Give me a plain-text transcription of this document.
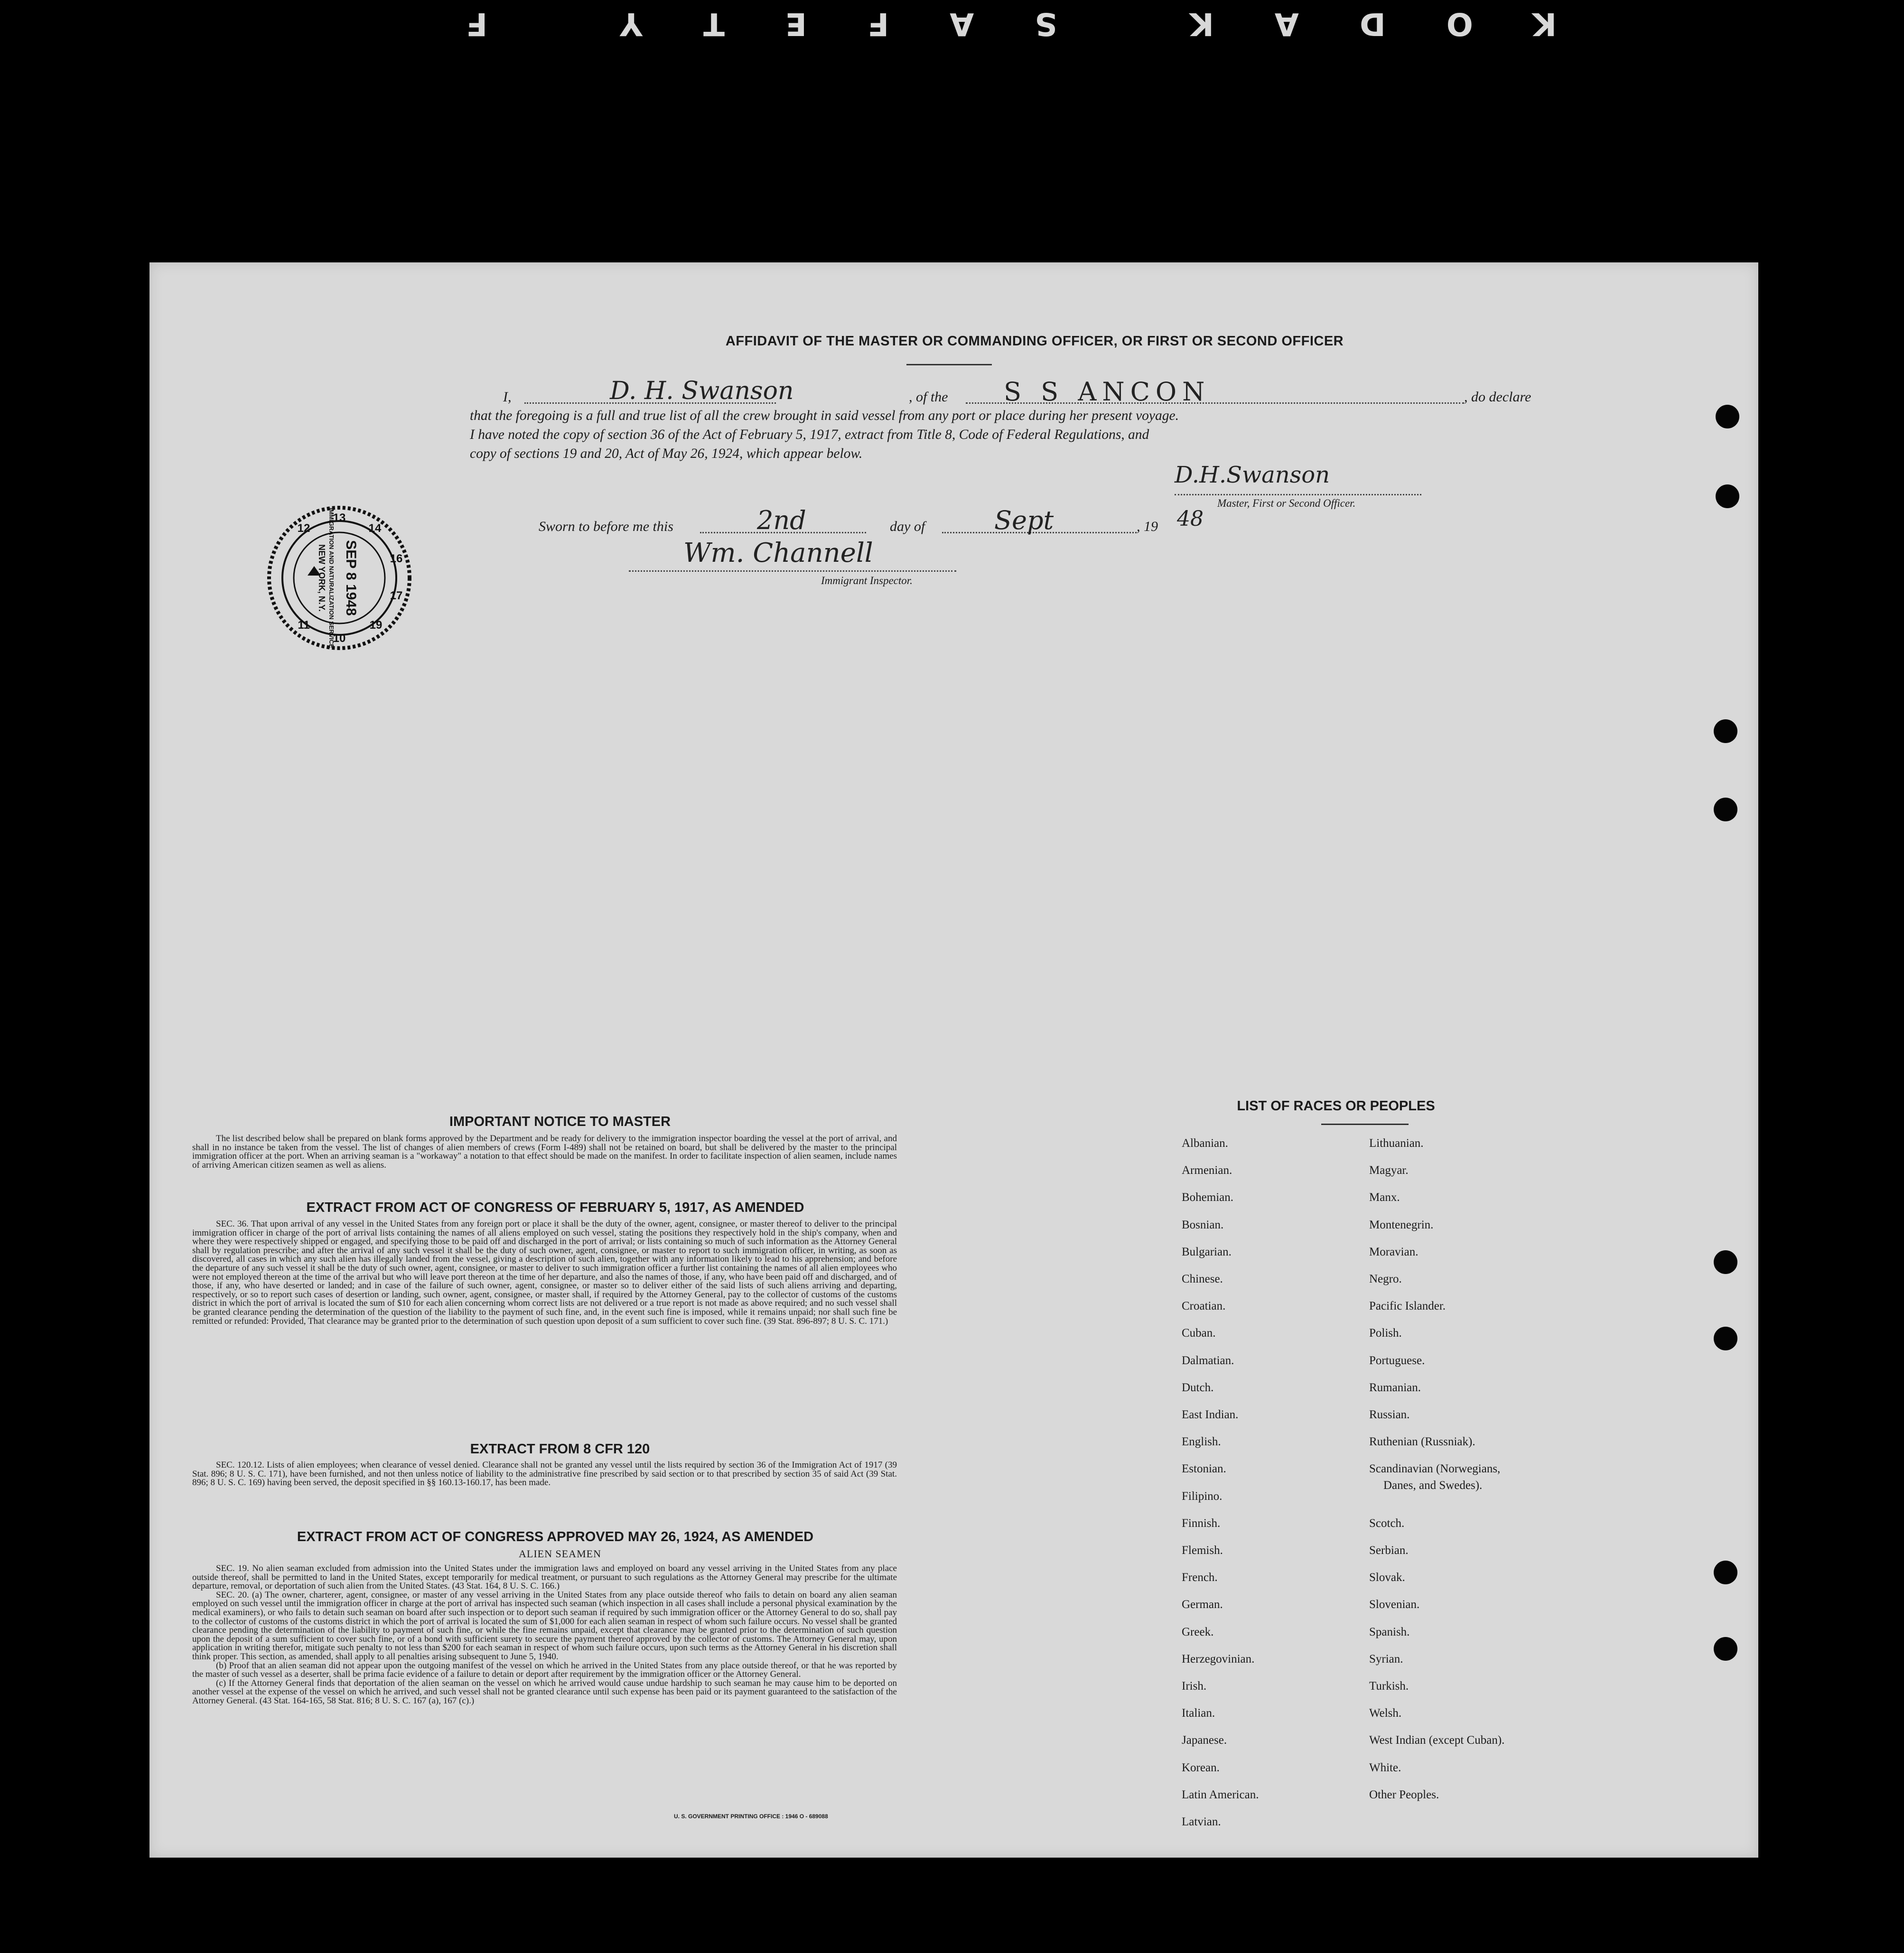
KODAK SAFETY F
AFFIDAVIT OF THE MASTER OR COMMANDING OFFICER, OR FIRST OR SECOND OFFICER
I,	D. H. Swanson	, of the S S ANCON	, do declare
that the foregoing is a full and true list of all the crew brought in said vessel from any port or place during her present voyage.
I have noted the copy of section 36 of the Act of February 5, 1917, extract from Title 8, Code of Federal Regulations, and
copy of sections 19 and 20, Act of May 26, 1924, which appear below.
D.H.Swanson
Master, First or Second Officer.
Sworn to before me this	2nd	day of	Sept	, 19 48
Wm. Channell
Immigrant Inspector.
13
14
16
17
19
10
11
12
SEP 8 1948
IMMIGRATION AND NATURALIZATION SERVICE
NEW YORK, N.Y.
IMPORTANT NOTICE TO MASTER

The list described below shall be prepared on blank forms approved by the Department and be ready for delivery to the immigration inspector boarding the vessel at the port of arrival, and shall in no instance be taken from the vessel. The list of changes of alien members of crews (Form I-489) shall not be retained on board, but shall be delivered by the master to the principal immigration officer at the port. When an arriving seaman is a "workaway" a notation to that effect should be made on the manifest. In order to facilitate inspection of alien seamen, include names of arriving American citizen seamen as well as aliens.

EXTRACT FROM ACT OF CONGRESS OF FEBRUARY 5, 1917, AS AMENDED

SEC. 36. That upon arrival of any vessel in the United States from any foreign port or place it shall be the duty of the owner, agent, consignee, or master thereof to deliver to the principal immigration officer in charge of the port of arrival lists containing the names of all aliens employed on such vessel, stating the positions they respectively hold in the ship's company, when and where they were respectively shipped or engaged, and specifying those to be paid off and discharged in the port of arrival; or lists containing so much of such information as the Attorney General shall by regulation prescribe; and after the arrival of any such vessel it shall be the duty of such owner, agent, consignee, or master to report to such immigration officer, in writing, as soon as discovered, all cases in which any such alien has illegally landed from the vessel, giving a description of such alien, together with any information likely to lead to his apprehension; and before the departure of any such vessel it shall be the duty of such owner, agent, consignee, or master to deliver to such immigration officer a further list containing the names of all alien employees who were not employed thereon at the time of the arrival but who will leave port thereon at the time of her departure, and also the names of those, if any, who have been paid off and discharged, and of those, if any, who have deserted or landed; and in case of the failure of such owner, agent, consignee, or master so to deliver either of the said lists of such aliens arriving and departing, respectively, or so to report such cases of desertion or landing, such owner, agent, consignee, or master shall, if required by the Attorney General, pay to the collector of customs of the customs district in which the port of arrival is located the sum of $10 for each alien concerning whom correct lists are not delivered or a true report is not made as above required; and no such vessel shall be granted clearance pending the determination of the question of the liability to the payment of such fine, and, in the event such fine is imposed, while it remains unpaid; nor shall such fine be remitted or refunded: Provided, That clearance may be granted prior to the determination of such question upon deposit of a sum sufficient to cover such fine. (39 Stat. 896-897; 8 U. S. C. 171.)

EXTRACT FROM 8 CFR 120

SEC. 120.12. Lists of alien employees; when clearance of vessel denied. Clearance shall not be granted any vessel until the lists required by section 36 of the Immigration Act of 1917 (39 Stat. 896; 8 U. S. C. 171), have been furnished, and not then unless notice of liability to the administrative fine prescribed by said section or to that prescribed by section 35 of said Act (39 Stat. 896; 8 U. S. C. 169) having been served, the deposit specified in §§ 160.13-160.17, has been made.

EXTRACT FROM ACT OF CONGRESS APPROVED MAY 26, 1924, AS AMENDED
ALIEN SEAMEN

SEC. 19. No alien seaman excluded from admission into the United States under the immigration laws and employed on board any vessel arriving in the United States from any place outside thereof, shall be permitted to land in the United States, except temporarily for medical treatment, or pursuant to such regulations as the Attorney General may prescribe for the ultimate departure, removal, or deportation of such alien from the United States. (43 Stat. 164, 8 U. S. C. 166.)

SEC. 20. (a) The owner, charterer, agent, consignee, or master of any vessel arriving in the United States from any place outside thereof who fails to detain on board any alien seaman employed on such vessel until the immigration officer in charge at the port of arrival has inspected such seaman (which inspection in all cases shall include a personal physical examination by the medical examiners), or who fails to detain such seaman on board after such inspection or to deport such seaman if required by such immigration officer or the Attorney General to do so, shall pay to the collector of customs of the customs district in which the port of arrival is located the sum of $1,000 for each alien seaman in respect of whom such failure occurs. No vessel shall be granted clearance pending the determination of the liability to payment of such fine, or while the fine remains unpaid, except that clearance may be granted prior to the determination of such question upon the deposit of a sum sufficient to cover such fine, or of a bond with sufficient surety to secure the payment thereof approved by the collector of customs. The Attorney General may, upon application in writing therefor, mitigate such penalty to not less than $200 for each seaman in respect of whom such failure occurs, upon such terms as the Attorney General in his discretion shall think proper. This section, as amended, shall apply to all penalties arising subsequent to June 5, 1940.

(b) Proof that an alien seaman did not appear upon the outgoing manifest of the vessel on which he arrived in the United States from any place outside thereof, or that he was reported by the master of such vessel as a deserter, shall be prima facie evidence of a failure to detain or deport after requirement by the immigration officer or the Attorney General.

(c) If the Attorney General finds that deportation of the alien seaman on the vessel on which he arrived would cause undue hardship to such seaman he may cause him to be deported on another vessel at the expense of the vessel on which he arrived, and such vessel shall not be granted clearance until such expense has been paid or its payment guaranteed to the satisfaction of the Attorney General. (43 Stat. 164-165, 58 Stat. 816; 8 U. S. C. 167 (a), 167 (c).)

U. S. GOVERNMENT PRINTING OFFICE : 1946 O - 689088
LIST OF RACES OR PEOPLES
Albanian.
Armenian.
Bohemian.
Bosnian.
Bulgarian.
Chinese.
Croatian.
Cuban.
Dalmatian.
Dutch.
East Indian.
English.
Estonian.
Filipino.
Finnish.
Flemish.
French.
German.
Greek.
Herzegovinian.
Irish.
Italian.
Japanese.
Korean.
Latin American.
Latvian.
Lithuanian.
Magyar.
Manx.
Montenegrin.
Moravian.
Negro.
Pacific Islander.
Polish.
Portuguese.
Rumanian.
Russian.
Ruthenian (Russniak).
Scandinavian (Norwegians,
Danes, and Swedes).
Scotch.
Serbian.
Slovak.
Slovenian.
Spanish.
Syrian.
Turkish.
Welsh.
West Indian (except Cuban).
White.
Other Peoples.
